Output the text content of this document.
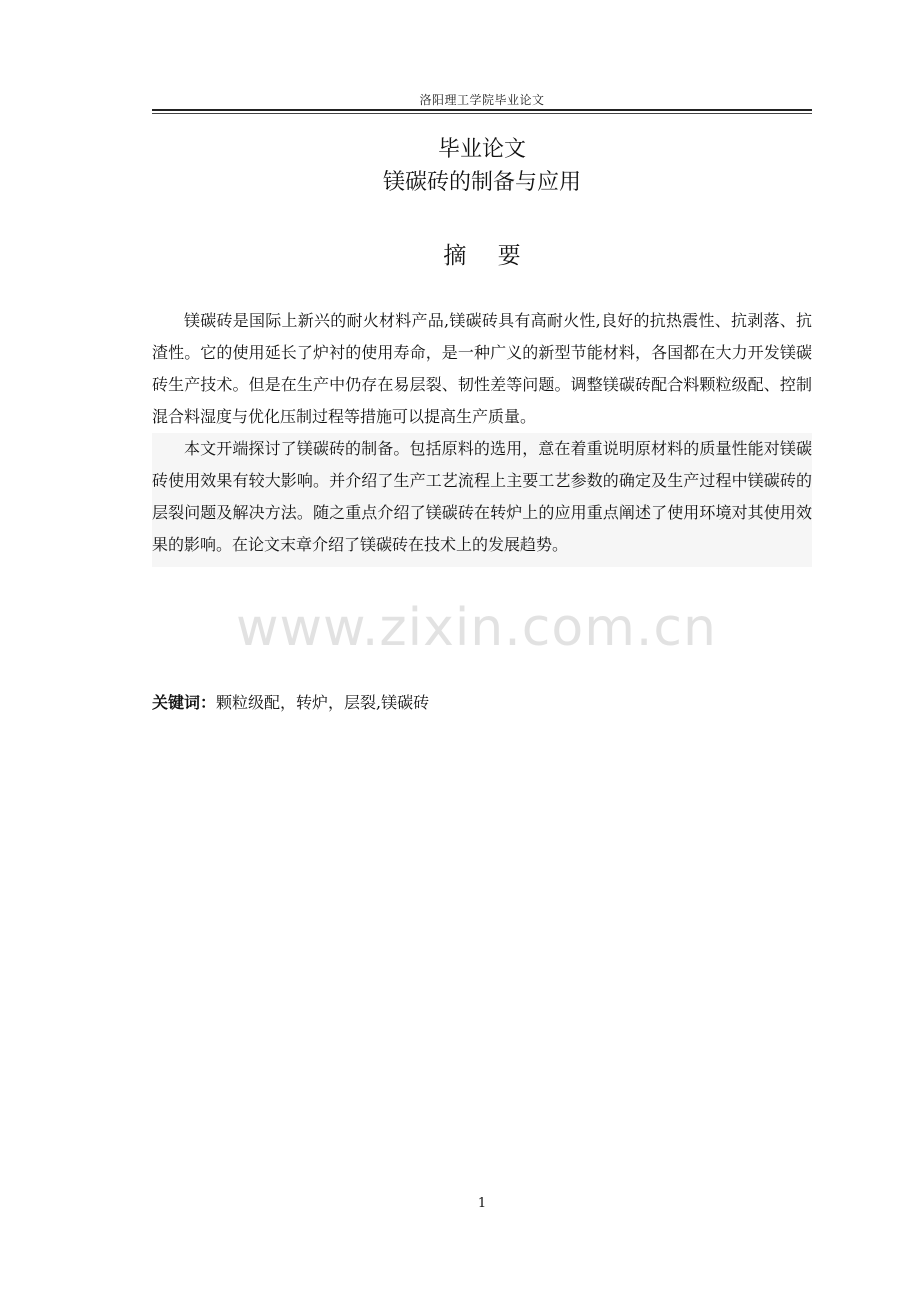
洛阳理工学院毕业论文
毕业论文
镁碳砖的制备与应用
摘 要

镁碳砖是国际上新兴的耐火材料产品,镁碳砖具有高耐火性,良好的抗热震性、抗剥落、抗渣性。它的使用延长了炉衬的使用寿命，是一种广义的新型节能材料，各国都在大力开发镁碳砖生产技术。但是在生产中仍存在易层裂、韧性差等问题。调整镁碳砖配合料颗粒级配、控制混合料湿度与优化压制过程等措施可以提高生产质量。

本文开端探讨了镁碳砖的制备。包括原料的选用，意在着重说明原材料的质量性能对镁碳砖使用效果有较大影响。并介绍了生产工艺流程上主要工艺参数的确定及生产过程中镁碳砖的层裂问题及解决方法。随之重点介绍了镁碳砖在转炉上的应用重点阐述了使用环境对其使用效果的影响。在论文末章介绍了镁碳砖在技术上的发展趋势。

www.zixin.com.cn
关键词：颗粒级配，转炉，层裂,镁碳砖
1
